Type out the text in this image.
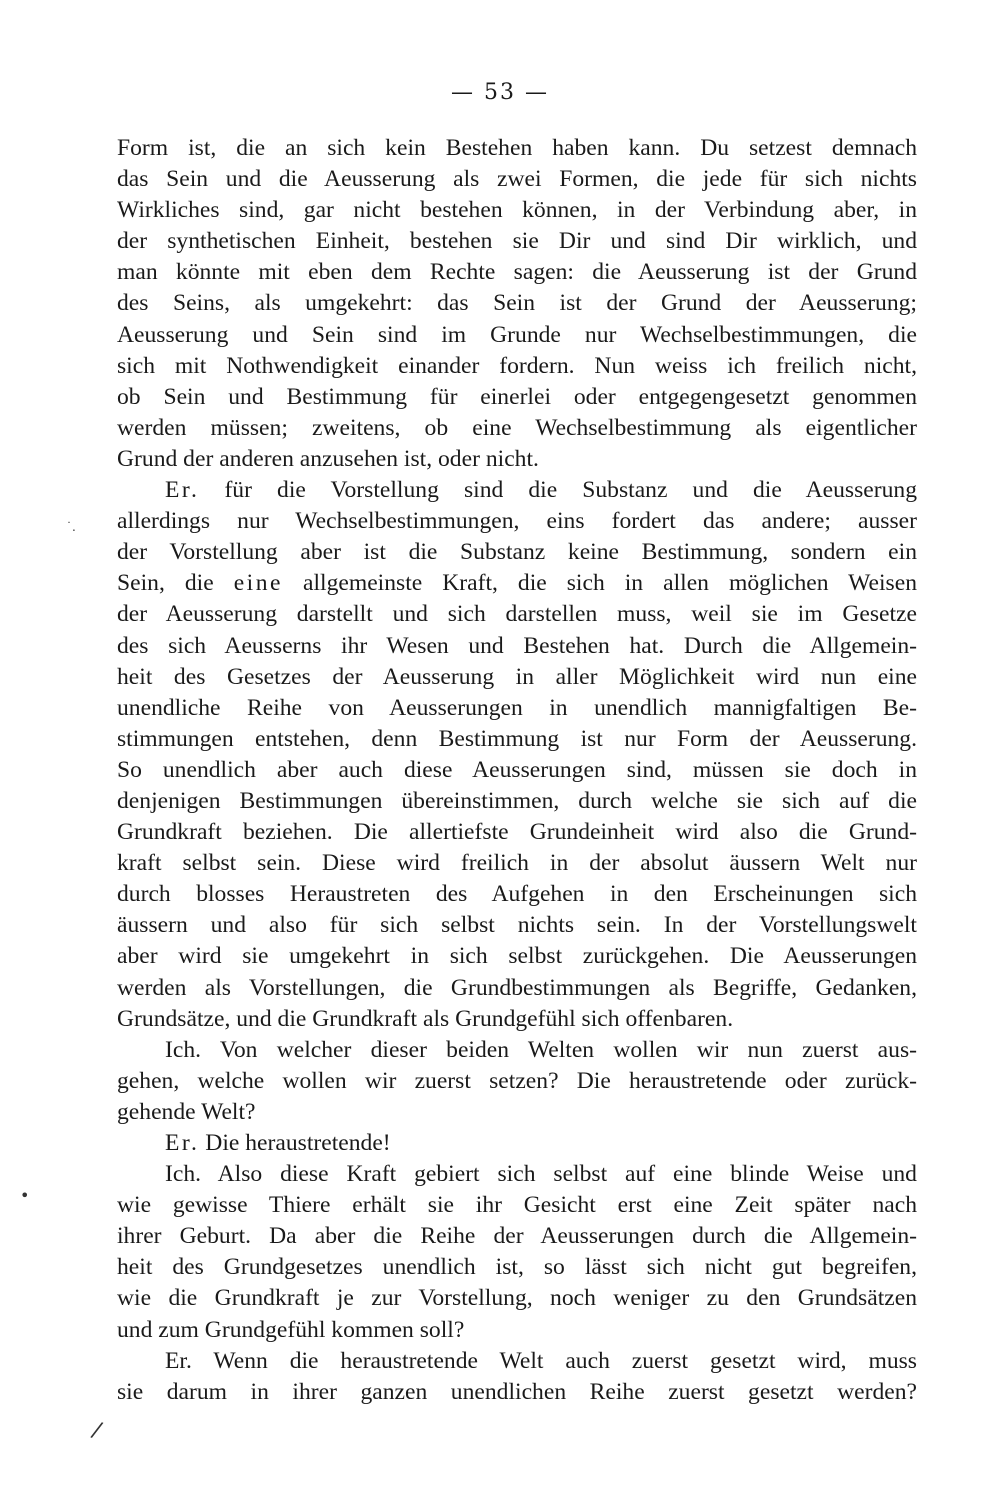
— 53 —
Form ist, die an sich kein Bestehen haben kann. Du setzest demnach
das Sein und die Aeusserung als zwei Formen, die jede für sich nichts
Wirkliches sind, gar nicht bestehen können, in der Verbindung aber, in
der synthetischen Einheit, bestehen sie Dir und sind Dir wirklich, und
man könnte mit eben dem Rechte sagen: die Aeusserung ist der Grund
des Seins, als umgekehrt: das Sein ist der Grund der Aeusserung;
Aeusserung und Sein sind im Grunde nur Wechselbestimmungen, die
sich mit Nothwendigkeit einander fordern. Nun weiss ich freilich nicht,
ob Sein und Bestimmung für einerlei oder entgegengesetzt genommen
werden müssen; zweitens, ob eine Wechselbestimmung als eigentlicher
Grund der anderen anzusehen ist, oder nicht.
Er. für die Vorstellung sind die Substanz und die Aeusserung
allerdings nur Wechselbestimmungen, eins fordert das andere; ausser
der Vorstellung aber ist die Substanz keine Bestimmung, sondern ein
Sein, die eine allgemeinste Kraft, die sich in allen möglichen Weisen
der Aeusserung darstellt und sich darstellen muss, weil sie im Gesetze
des sich Aeusserns ihr Wesen und Bestehen hat. Durch die Allgemein-
heit des Gesetzes der Aeusserung in aller Möglichkeit wird nun eine
unendliche Reihe von Aeusserungen in unendlich mannigfaltigen Be-
stimmungen entstehen, denn Bestimmung ist nur Form der Aeusserung.
So unendlich aber auch diese Aeusserungen sind, müssen sie doch in
denjenigen Bestimmungen übereinstimmen, durch welche sie sich auf die
Grundkraft beziehen. Die allertiefste Grundeinheit wird also die Grund-
kraft selbst sein. Diese wird freilich in der absolut äussern Welt nur
durch blosses Heraustreten des Aufgehen in den Erscheinungen sich
äussern und also für sich selbst nichts sein. In der Vorstellungswelt
aber wird sie umgekehrt in sich selbst zurückgehen. Die Aeusserungen
werden als Vorstellungen, die Grundbestimmungen als Begriffe, Gedanken,
Grundsätze, und die Grundkraft als Grundgefühl sich offenbaren.
Ich. Von welcher dieser beiden Welten wollen wir nun zuerst aus-
gehen, welche wollen wir zuerst setzen? Die heraustretende oder zurück-
gehende Welt?
Er. Die heraustretende!
Ich. Also diese Kraft gebiert sich selbst auf eine blinde Weise und
wie gewisse Thiere erhält sie ihr Gesicht erst eine Zeit später nach
ihrer Geburt. Da aber die Reihe der Aeusserungen durch die Allgemein-
heit des Grundgesetzes unendlich ist, so lässt sich nicht gut begreifen,
wie die Grundkraft je zur Vorstellung, noch weniger zu den Grundsätzen
und zum Grundgefühl kommen soll?
Er. Wenn die heraustretende Welt auch zuerst gesetzt wird, muss
sie darum in ihrer ganzen unendlichen Reihe zuerst gesetzt werden?
˙.
•
/
